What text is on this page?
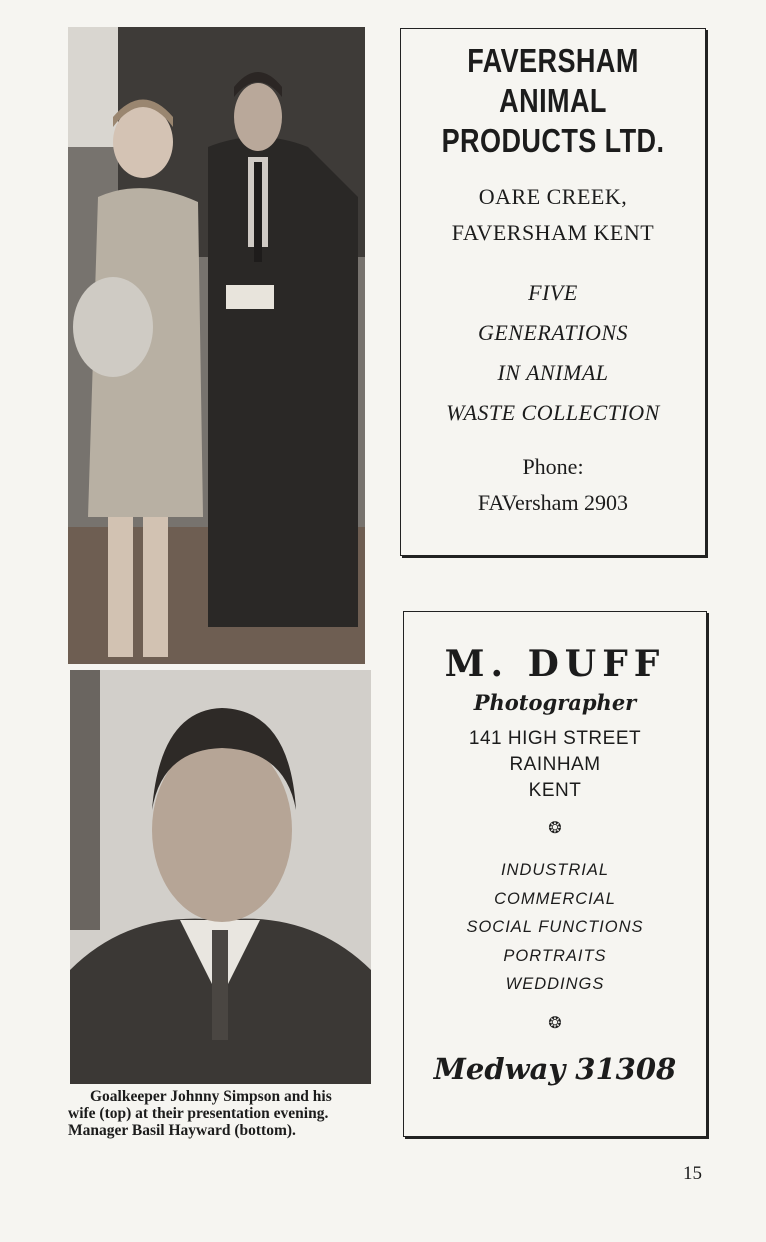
Goalkeeper Johnny Simpson and his
wife (top) at their presentation evening.
Manager Basil Hayward (bottom).
FAVERSHAM
ANIMAL
PRODUCTS LTD.
OARE CREEK,
FAVERSHAM KENT
FIVE
GENERATIONS
IN ANIMAL
WASTE COLLECTION
Phone:
FAVersham 2903
M. DUFF
Photographer
141 HIGH STREET
RAINHAM
KENT
❂
INDUSTRIAL
COMMERCIAL
SOCIAL FUNCTIONS
PORTRAITS
WEDDINGS
❂
Medway 31308
15
